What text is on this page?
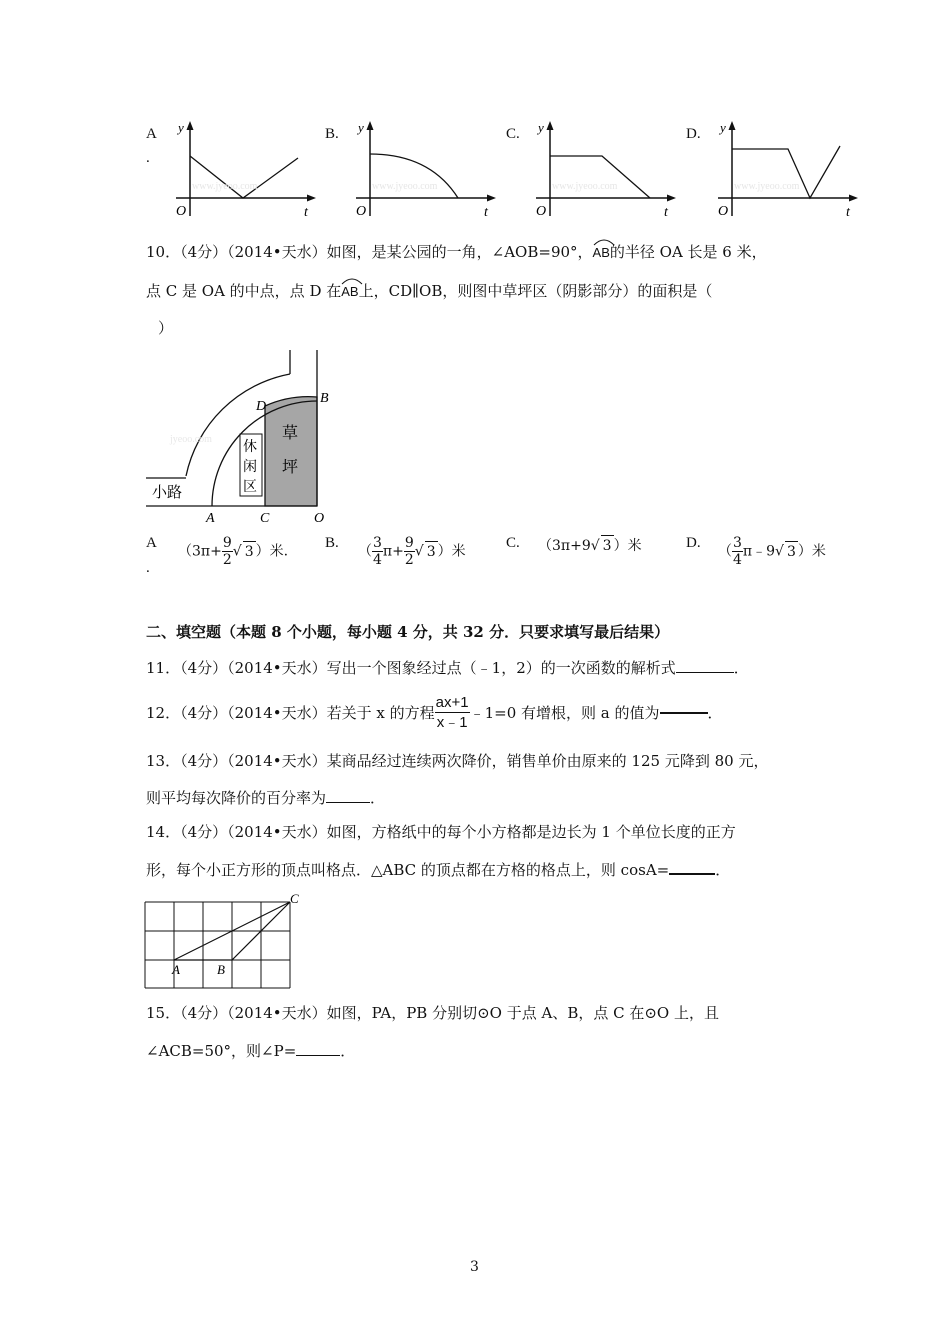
A
.
y
O	t
www.jyeoo.com
B. y
O	t
www.jyeoo.com
C. y
O	t
www.jyeoo.com
D. y
O	t
www.jyeoo.com
10．（4分）（2014•天水）如图，是某公园的一角，∠AOB=90°，
AB的半径 OA 长是 6 米，
点 C 是 OA 的中点，点 D 在
AB上，CD∥OB，则图中草坪区（阴影部分）的面积是（
）
jyeoo.com
小路
休
闲
区
草
坪
A	C	O
D
B
A
.
（$3\pi+ \frac{9}{2}$ √ 3 ）米.
B.
（ $\frac{3}{4} \pi+ \frac{9}{2}$ √ 3 ）米
C. （3π+9√ 3 ）米	D.
（ $\frac{3}{4}$ π﹣9√ 3 ）米
二、填空题（本题 8 个小题，每小题 4 分，共 32 分．只要求填写最后结果）
11．（4分）（2014•天水）写出一个图象经过点（﹣1，2）的一次函数的解析式	．
12．（4分）（2014•天水）若关于 x 的方程 $\frac{ax+1}{x﹣1}$ ﹣1=0 有增根，则 a 的值为	．
13．（4分）（2014•天水）某商品经过连续两次降价，销售单价由原来的 125 元降到 80 元，
则平均每次降价的百分率为	．
14．（4分）（2014•天水）如图，方格纸中的每个小方格都是边长为 1 个单位长度的正方
形，每个小正方形的顶点叫格点．△ABC 的顶点都在方格的格点上，则 cosA=	．
A	B
C
15．（4分）（2014•天水）如图，PA，PB 分别切⊙O 于点 A、B，点 C 在⊙O 上，且
∠ACB=50°，则∠P=	．
3
